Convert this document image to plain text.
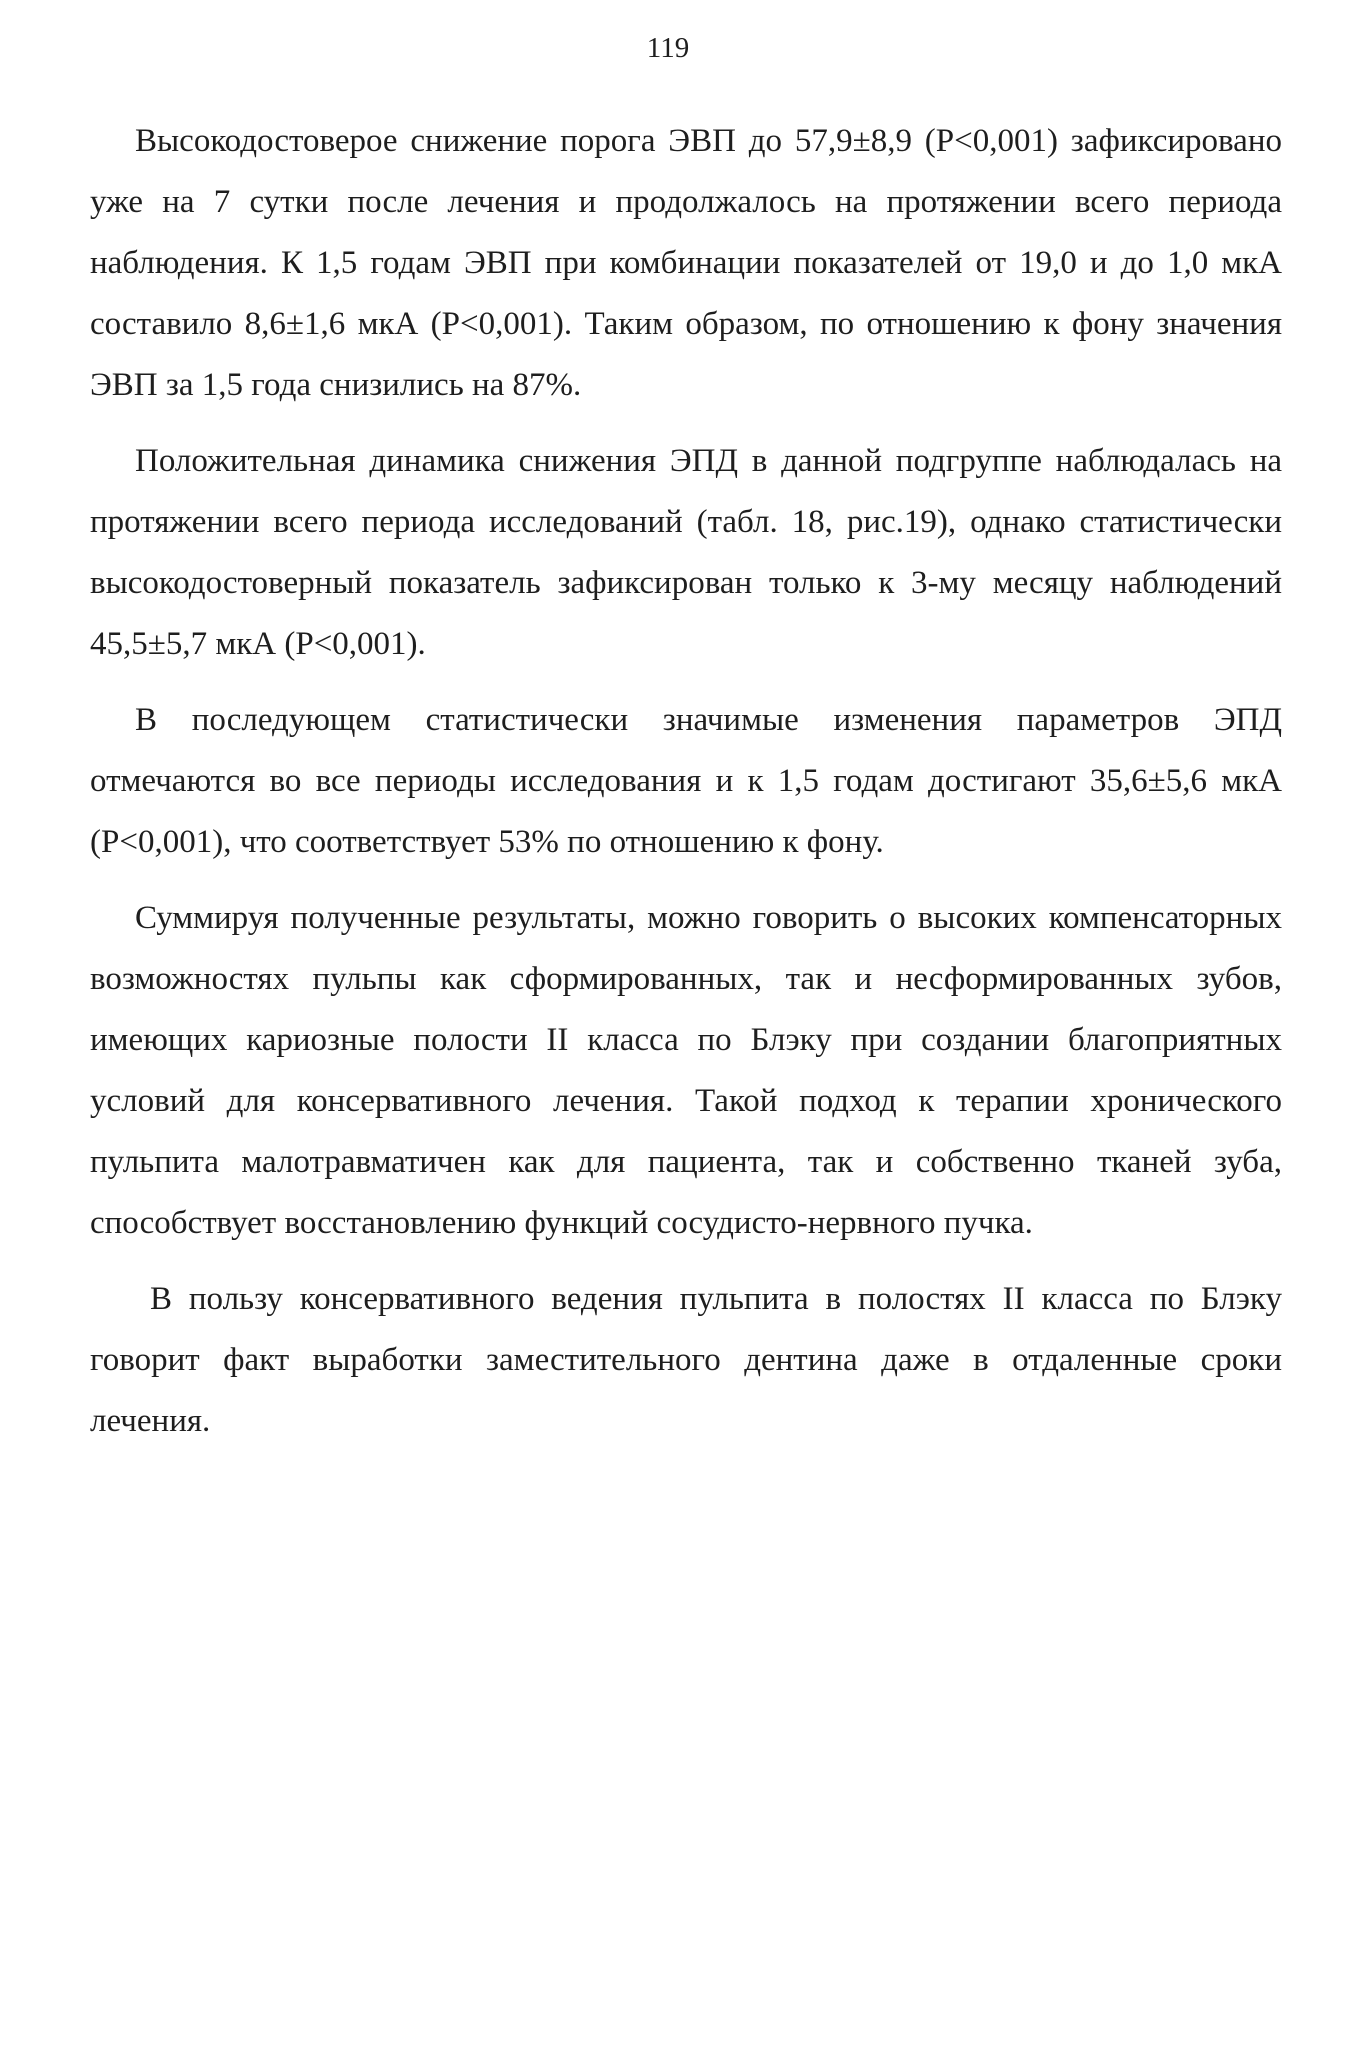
119

Высокодостоверое снижение порога ЭВП до 57,9±8,9 (Р<0,001) зафиксировано уже на 7 сутки после лечения и продолжалось на протяжении всего периода наблюдения. К 1,5 годам ЭВП при комбинации показателей от 19,0 и до 1,0 мкА составило 8,6±1,6 мкА (Р<0,001). Таким образом, по отношению к фону значения ЭВП за 1,5 года снизились на 87%.

Положительная динамика снижения ЭПД в данной подгруппе наблюдалась на протяжении всего периода исследований (табл. 18, рис.19), однако статистически высокодостоверный показатель зафиксирован только к 3-му месяцу наблюдений 45,5±5,7 мкА (Р<0,001).

В последующем статистически значимые изменения параметров ЭПД отмечаются во все периоды исследования и к 1,5 годам достигают 35,6±5,6 мкА (Р<0,001), что соответствует 53% по отношению к фону.

Суммируя полученные результаты, можно говорить о высоких компенсаторных возможностях пульпы как сформированных, так и несформированных зубов, имеющих кариозные полости II класса по Блэку при создании благоприятных условий для консервативного лечения. Такой подход к терапии хронического пульпита малотравматичен как для пациента, так и собственно тканей зуба, способствует восстановлению функций сосудисто-нервного пучка.

В пользу консервативного ведения пульпита в полостях II класса по Блэку говорит факт выработки заместительного дентина даже в отдаленные сроки лечения.
